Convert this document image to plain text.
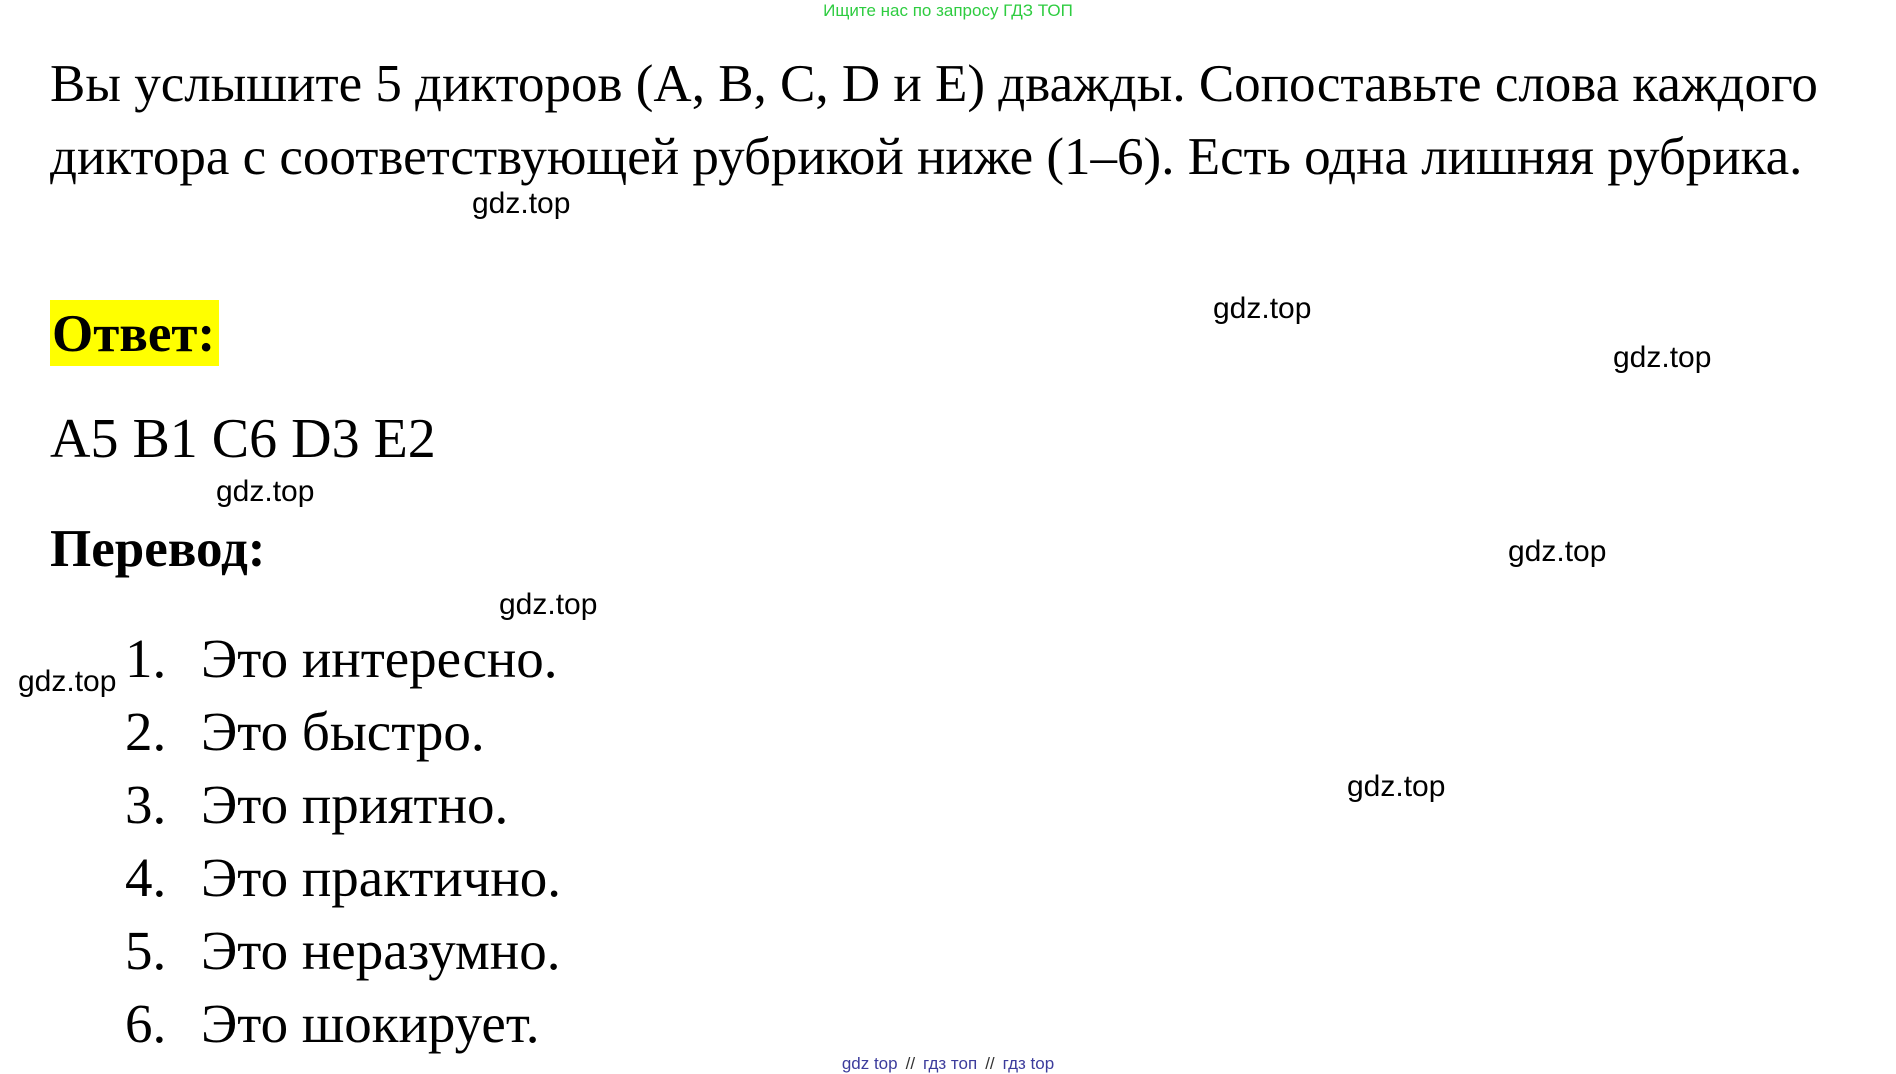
Ищите нас по запросу ГДЗ ТОП

Вы услышите 5 дикторов (A, B, C, D и E) дважды. Сопоставьте слова каждого диктора с соответствующей рубрикой ниже (1–6). Есть одна лишняя рубрика.

Ответ:

A5 B1 C6 D3 E2

Перевод:
1. Это интересно.
2. Это быстро.
3. Это приятно.
4. Это практично.
5. Это неразумно.
6. Это шокирует.
gdz.top
gdz.top
gdz.top
gdz.top
gdz.top
gdz.top
gdz.top
gdz.top
gdz top // гдз топ // гдз top
